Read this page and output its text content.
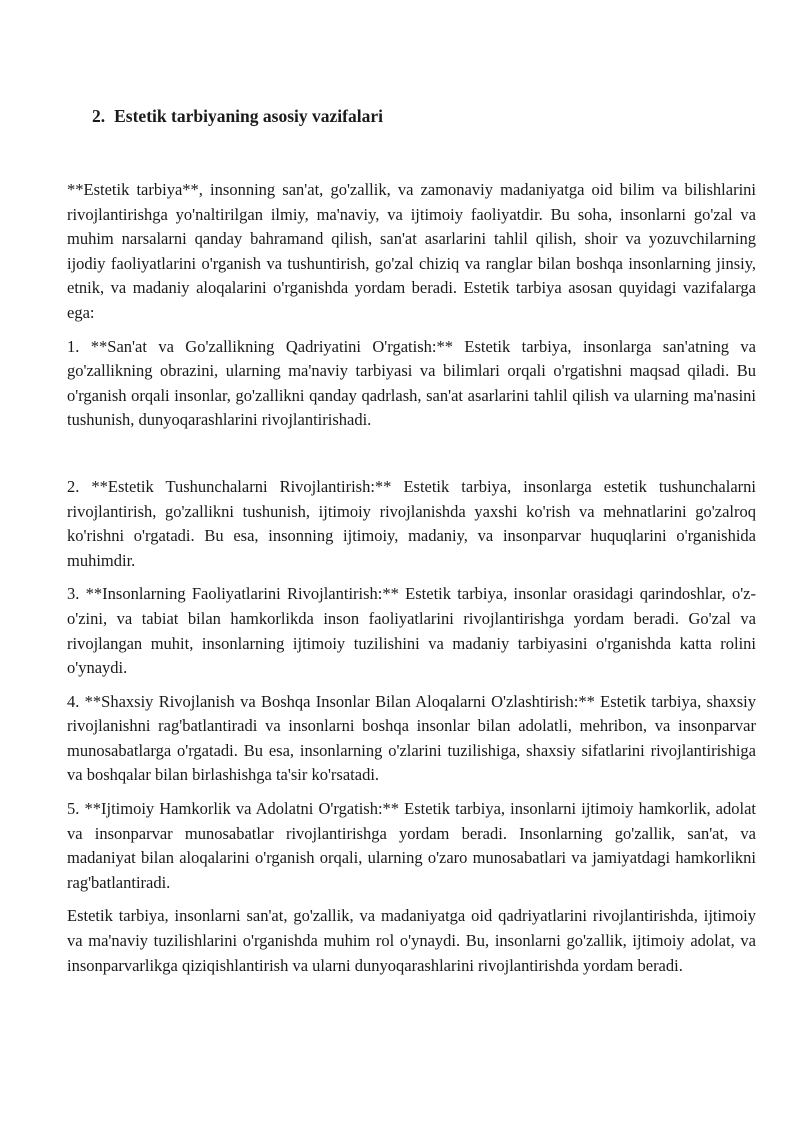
2. Estetik tarbiyaning asosiy vazifalari

**Estetik tarbiya**, insonning san'at, go'zallik, va zamonaviy madaniyatga oid bilim va bilishlarini rivojlantirishga yo'naltirilgan ilmiy, ma'naviy, va ijtimoiy faoliyatdir. Bu soha, insonlarni go'zal va muhim narsalarni qanday bahramand qilish, san'at asarlarini tahlil qilish, shoir va yozuvchilarning ijodiy faoliyatlarini o'rganish va tushuntirish, go'zal chiziq va ranglar bilan boshqa insonlarning jinsiy, etnik, va madaniy aloqalarini o'rganishda yordam beradi. Estetik tarbiya asosan quyidagi vazifalarga ega:

1. **San'at va Go'zallikning Qadriyatini O'rgatish:** Estetik tarbiya, insonlarga san'atning va go'zallikning obrazini, ularning ma'naviy tarbiyasi va bilimlari orqali o'rgatishni maqsad qiladi. Bu o'rganish orqali insonlar, go'zallikni qanday qadrlash, san'at asarlarini tahlil qilish va ularning ma'nasini tushunish, dunyoqarashlarini rivojlantirishadi.

2. **Estetik Tushunchalarni Rivojlantirish:** Estetik tarbiya, insonlarga estetik tushunchalarni rivojlantirish, go'zallikni tushunish, ijtimoiy rivojlanishda yaxshi ko'rish va mehnatlarini go'zalroq ko'rishni o'rgatadi. Bu esa, insonning ijtimoiy, madaniy, va insonparvar huquqlarini o'rganishida muhimdir.

3. **Insonlarning Faoliyatlarini Rivojlantirish:** Estetik tarbiya, insonlar orasidagi qarindoshlar, o'z-o'zini, va tabiat bilan hamkorlikda inson faoliyatlarini rivojlantirishga yordam beradi. Go'zal va rivojlangan muhit, insonlarning ijtimoiy tuzilishini va madaniy tarbiyasini o'rganishda katta rolini o'ynaydi.

4. **Shaxsiy Rivojlanish va Boshqa Insonlar Bilan Aloqalarni O'zlashtirish:** Estetik tarbiya, shaxsiy rivojlanishni rag'batlantiradi va insonlarni boshqa insonlar bilan adolatli, mehribon, va insonparvar munosabatlarga o'rgatadi. Bu esa, insonlarning o'zlarini tuzilishiga, shaxsiy sifatlarini rivojlantirishiga va boshqalar bilan birlashishga ta'sir ko'rsatadi.

5. **Ijtimoiy Hamkorlik va Adolatni O'rgatish:** Estetik tarbiya, insonlarni ijtimoiy hamkorlik, adolat va insonparvar munosabatlar rivojlantirishga yordam beradi. Insonlarning go'zallik, san'at, va madaniyat bilan aloqalarini o'rganish orqali, ularning o'zaro munosabatlari va jamiyatdagi hamkorlikni rag'batlantiradi.

Estetik tarbiya, insonlarni san'at, go'zallik, va madaniyatga oid qadriyatlarini rivojlantirishda, ijtimoiy va ma'naviy tuzilishlarini o'rganishda muhim rol o'ynaydi. Bu, insonlarni go'zallik, ijtimoiy adolat, va insonparvarlikga qiziqishlantirish va ularni dunyoqarashlarini rivojlantirishda yordam beradi.
